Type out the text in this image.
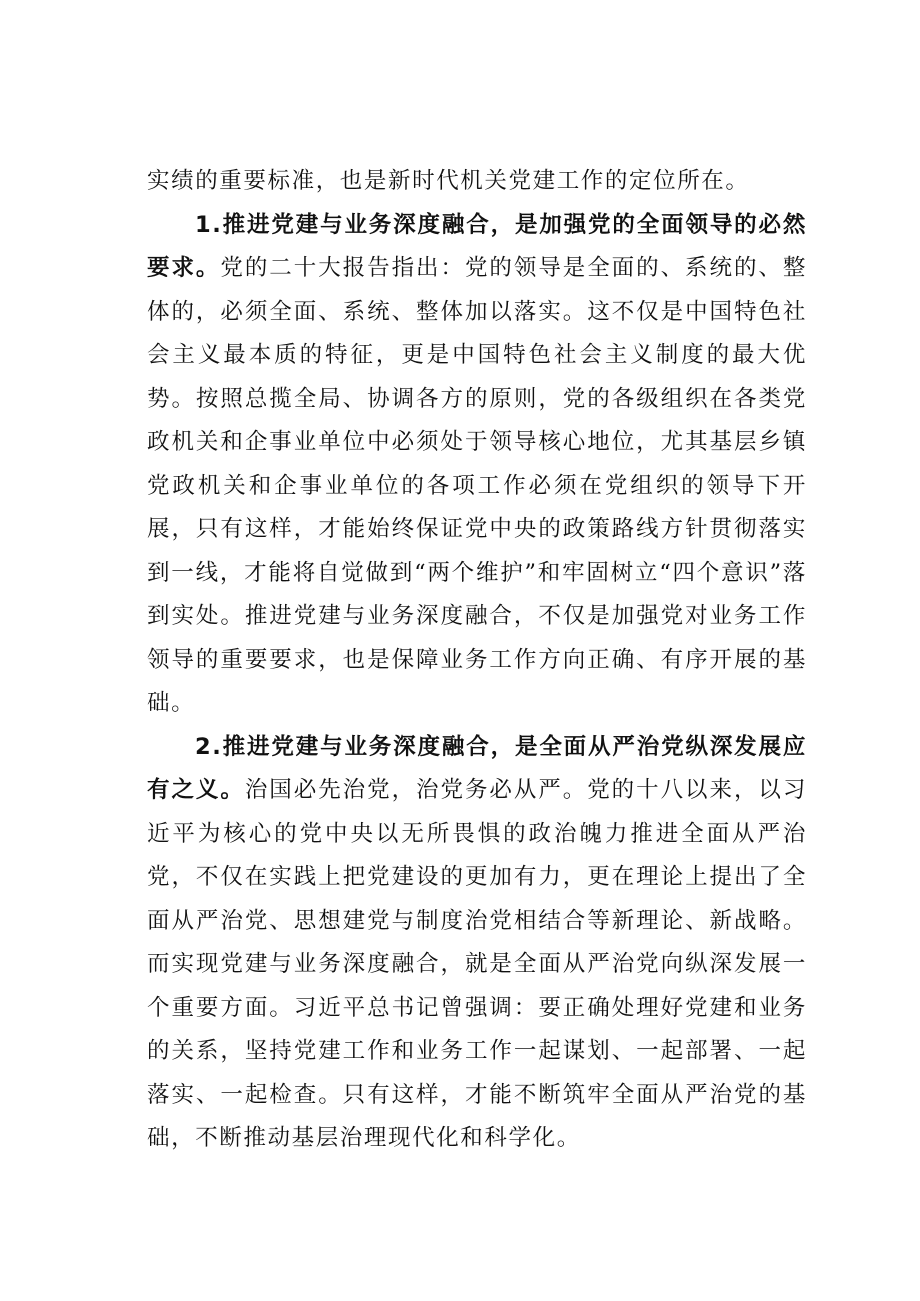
实绩的重要标准，也是新时代机关党建工作的定位所在。

1.推进党建与业务深度融合，是加强党的全面领导的必然要求。党的二十大报告指出：党的领导是全面的、系统的、整体的，必须全面、系统、整体加以落实。这不仅是中国特色社会主义最本质的特征，更是中国特色社会主义制度的最大优势。按照总揽全局、协调各方的原则，党的各级组织在各类党政机关和企事业单位中必须处于领导核心地位，尤其基层乡镇党政机关和企事业单位的各项工作必须在党组织的领导下开展，只有这样，才能始终保证党中央的政策路线方针贯彻落实到一线，才能将自觉做到“两个维护”和牢固树立“四个意识”落到实处。推进党建与业务深度融合，不仅是加强党对业务工作领导的重要要求，也是保障业务工作方向正确、有序开展的基础。

2.推进党建与业务深度融合，是全面从严治党纵深发展应有之义。治国必先治党，治党务必从严。党的十八以来，以习近平为核心的党中央以无所畏惧的政治魄力推进全面从严治党，不仅在实践上把党建设的更加有力，更在理论上提出了全面从严治党、思想建党与制度治党相结合等新理论、新战略。而实现党建与业务深度融合，就是全面从严治党向纵深发展一个重要方面。习近平总书记曾强调：要正确处理好党建和业务的关系，坚持党建工作和业务工作一起谋划、一起部署、一起落实、一起检查。只有这样，才能不断筑牢全面从严治党的基础，不断推动基层治理现代化和科学化。
